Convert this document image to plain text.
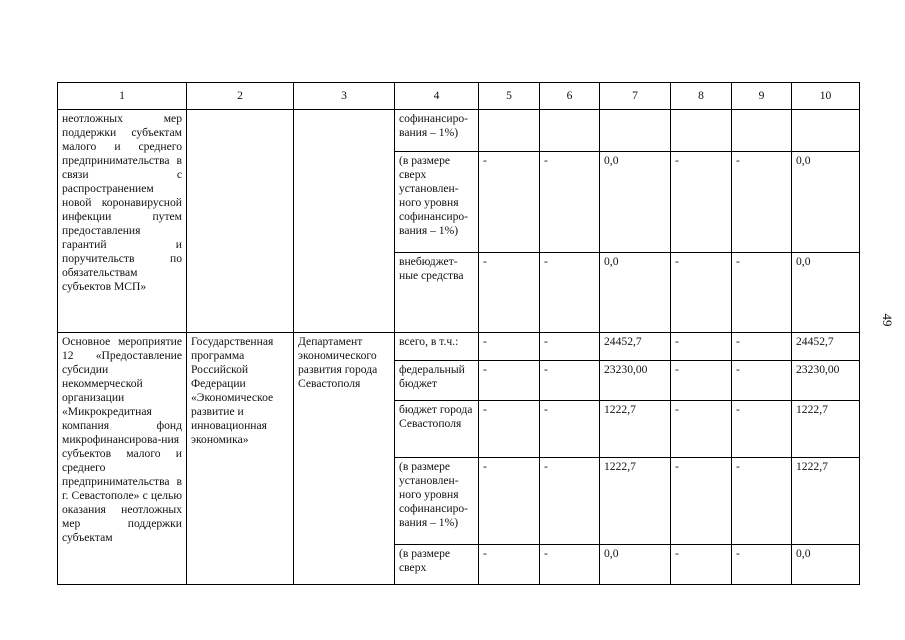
49
1	2	3	4	5	6	7	8	9	10
неотложных мер поддержки субъектам малого и среднего предпринимательства в связи с распространением новой коронавирусной инфекции путем предоставления гарантий и поручительств по обязательствам субъектов МСП»			софинансиро-вания – 1%)						
			(в размере сверх установлен-ного уровня софинансиро-вания – 1%)	-	-	0,0	-	-	0,0
			внебюджет-ные средства	-	-	0,0	-	-	0,0
Основное мероприятие 12 «Предоставление субсидии некоммерческой организации «Микрокредитная компания фонд микрофинансирова-ния субъектов малого и среднего предпринимательства в г. Севастополе» с целью оказания неотложных мер поддержки субъектам	Государственная программа Российской Федерации «Экономическое развитие и инновационная экономика»	Департамент экономического развития города Севастополя	всего, в т.ч.:	-	-	24452,7	-	-	24452,7
			федеральный бюджет	-	-	23230,00	-	-	23230,00
			бюджет города Севастополя	-	-	1222,7	-	-	1222,7
			(в размере установлен-ного уровня софинансиро-вания – 1%)	-	-	1222,7	-	-	1222,7
			(в размере сверх	-	-	0,0	-	-	0,0
